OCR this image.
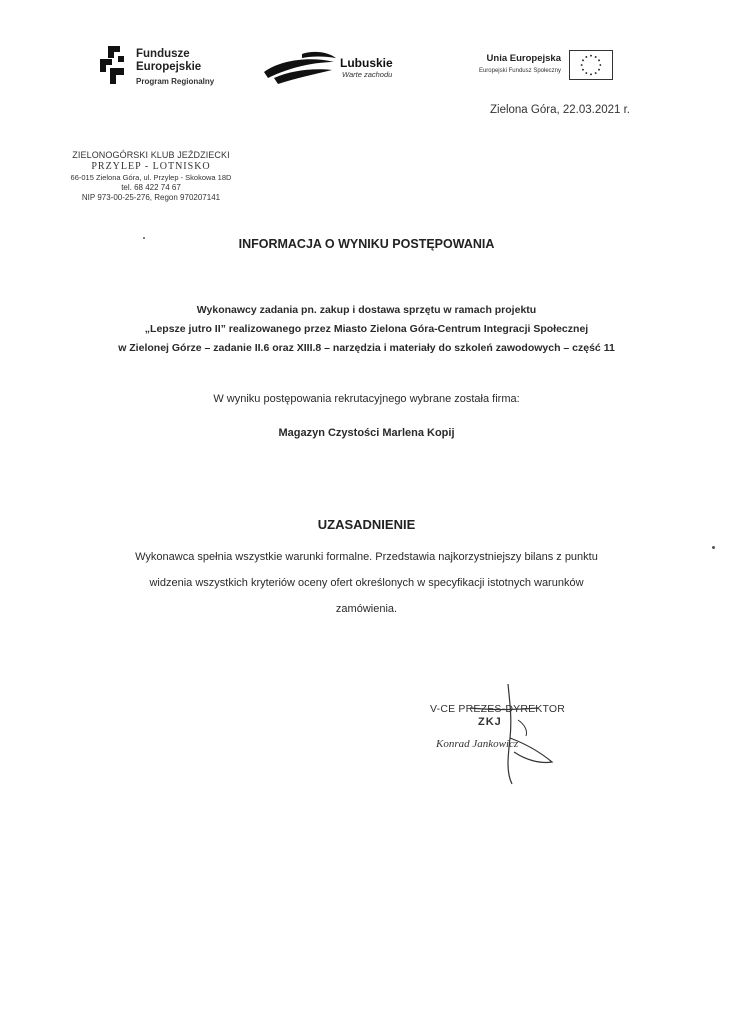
Fundusze
Europejskie
Program Regionalny
Lubuskie
Warte zachodu
Unia Europejska
Europejski Fundusz Społeczny
Zielona Góra, 22.03.2021 r.
ZIELONOGÓRSKI KLUB JEŹDZIECKI
PRZYLEP - LOTNISKO
66-015 Zielona Góra, ul. Przylep - Skokowa 18D
tel. 68 422 74 67
NIP 973-00-25-276, Regon 970207141
INFORMACJA O WYNIKU POSTĘPOWANIA
Wykonawcy zadania pn. zakup i dostawa sprzętu w ramach projektu
„Lepsze jutro II” realizowanego przez Miasto Zielona Góra-Centrum Integracji Społecznej
w Zielonej Górze – zadanie II.6 oraz XIII.8 – narzędzia i materiały do szkoleń zawodowych – część 11
W wyniku postępowania rekrutacyjnego wybrane została firma:
Magazyn Czystości Marlena Kopij
UZASADNIENIE
Wykonawca spełnia wszystkie warunki formalne. Przedstawia najkorzystniejszy bilans z punktu
widzenia wszystkich kryteriów oceny ofert określonych w specyfikacji istotnych warunków
zamówienia.
V-CE PREZES-DYREKTOR
ZKJ
Konrad Jankowicz
